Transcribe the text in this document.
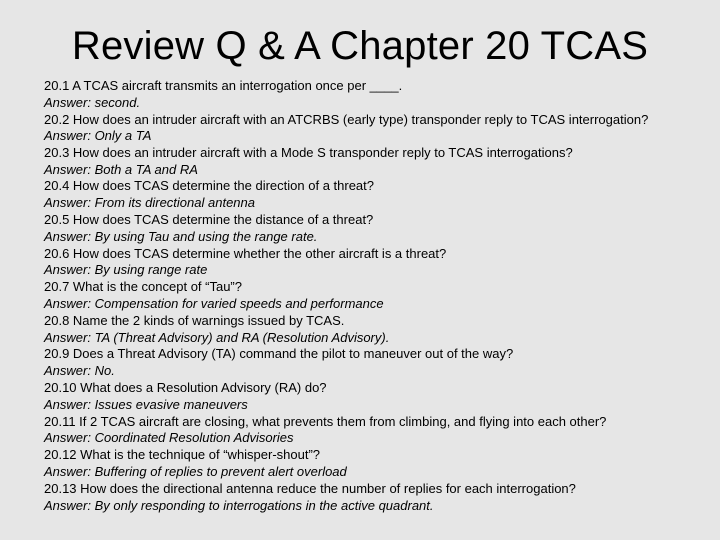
Review Q & A Chapter 20 TCAS

20.1 A TCAS aircraft transmits an interrogation once per ____.

Answer: second.

20.2 How does an intruder aircraft with an ATCRBS (early type) transponder reply to TCAS interrogation?

Answer: Only a TA

20.3 How does an intruder aircraft with a Mode S transponder reply to TCAS interrogations?

Answer: Both a TA and RA

20.4 How does TCAS determine the direction of a threat?

Answer: From its directional antenna

20.5 How does TCAS determine the distance of a threat?

Answer: By using Tau and using the range rate.

20.6 How does TCAS determine whether the other aircraft is a threat?

Answer: By using range rate

20.7 What is the concept of “Tau”?

Answer: Compensation for varied speeds and performance

20.8 Name the 2 kinds of warnings issued by TCAS.

Answer: TA (Threat Advisory) and RA (Resolution Advisory).

20.9 Does a Threat Advisory (TA) command the pilot to maneuver out of the way?

Answer: No.

20.10 What does a Resolution Advisory (RA) do?

Answer: Issues evasive maneuvers

20.11 If 2 TCAS aircraft are closing, what prevents them from climbing, and flying into each other?

Answer: Coordinated Resolution Advisories

20.12 What is the technique of “whisper-shout”?

Answer: Buffering of replies to prevent alert overload

20.13 How does the directional antenna reduce the number of replies for each interrogation?

Answer: By only responding to interrogations in the active quadrant.
